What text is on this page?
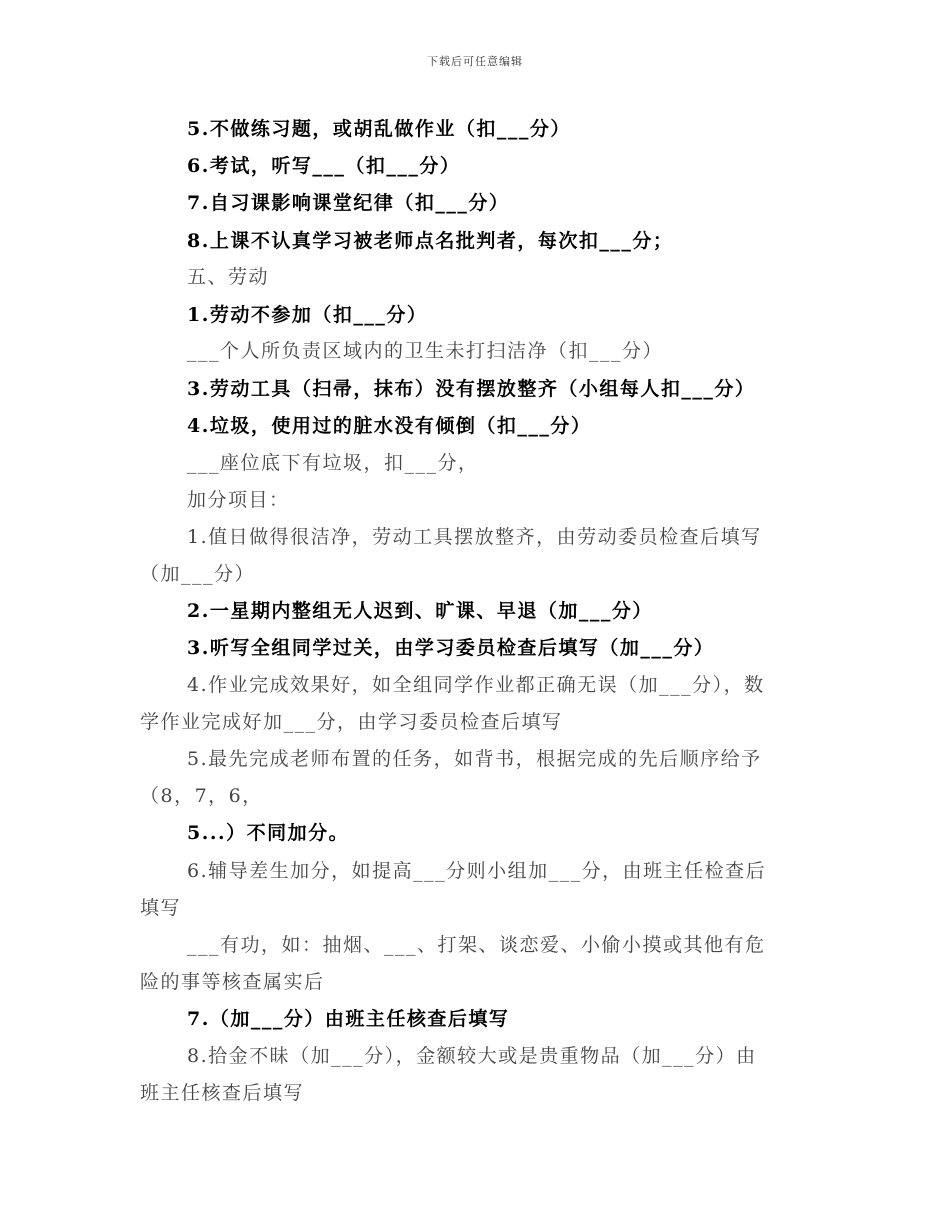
下载后可任意编辑
5.不做练习题，或胡乱做作业（扣___分）
6.考试，听写___（扣___分）
7.自习课影响课堂纪律（扣___分）
8.上课不认真学习被老师点名批判者，每次扣___分；
五、劳动
1.劳动不参加（扣___分）
___个人所负责区域内的卫生未打扫洁净（扣___分）
3.劳动工具（扫帚，抹布）没有摆放整齐（小组每人扣___分）
4.垃圾，使用过的脏水没有倾倒（扣___分）
___座位底下有垃圾，扣___分，
加分项目：
1.值日做得很洁净，劳动工具摆放整齐，由劳动委员检查后填写
（加___分）
2.一星期内整组无人迟到、旷课、早退（加___分）
3.听写全组同学过关，由学习委员检查后填写（加___分）
4.作业完成效果好，如全组同学作业都正确无误（加___分），数
学作业完成好加___分，由学习委员检查后填写
5.最先完成老师布置的任务，如背书，根据完成的先后顺序给予
（8，7，6，
5...）不同加分。
6.辅导差生加分，如提高___分则小组加___分，由班主任检查后
填写
___有功，如：抽烟、___、打架、谈恋爱、小偷小摸或其他有危
险的事等核查属实后
7.（加___分）由班主任核查后填写
8.拾金不昧（加___分），金额较大或是贵重物品（加___分）由
班主任核查后填写
